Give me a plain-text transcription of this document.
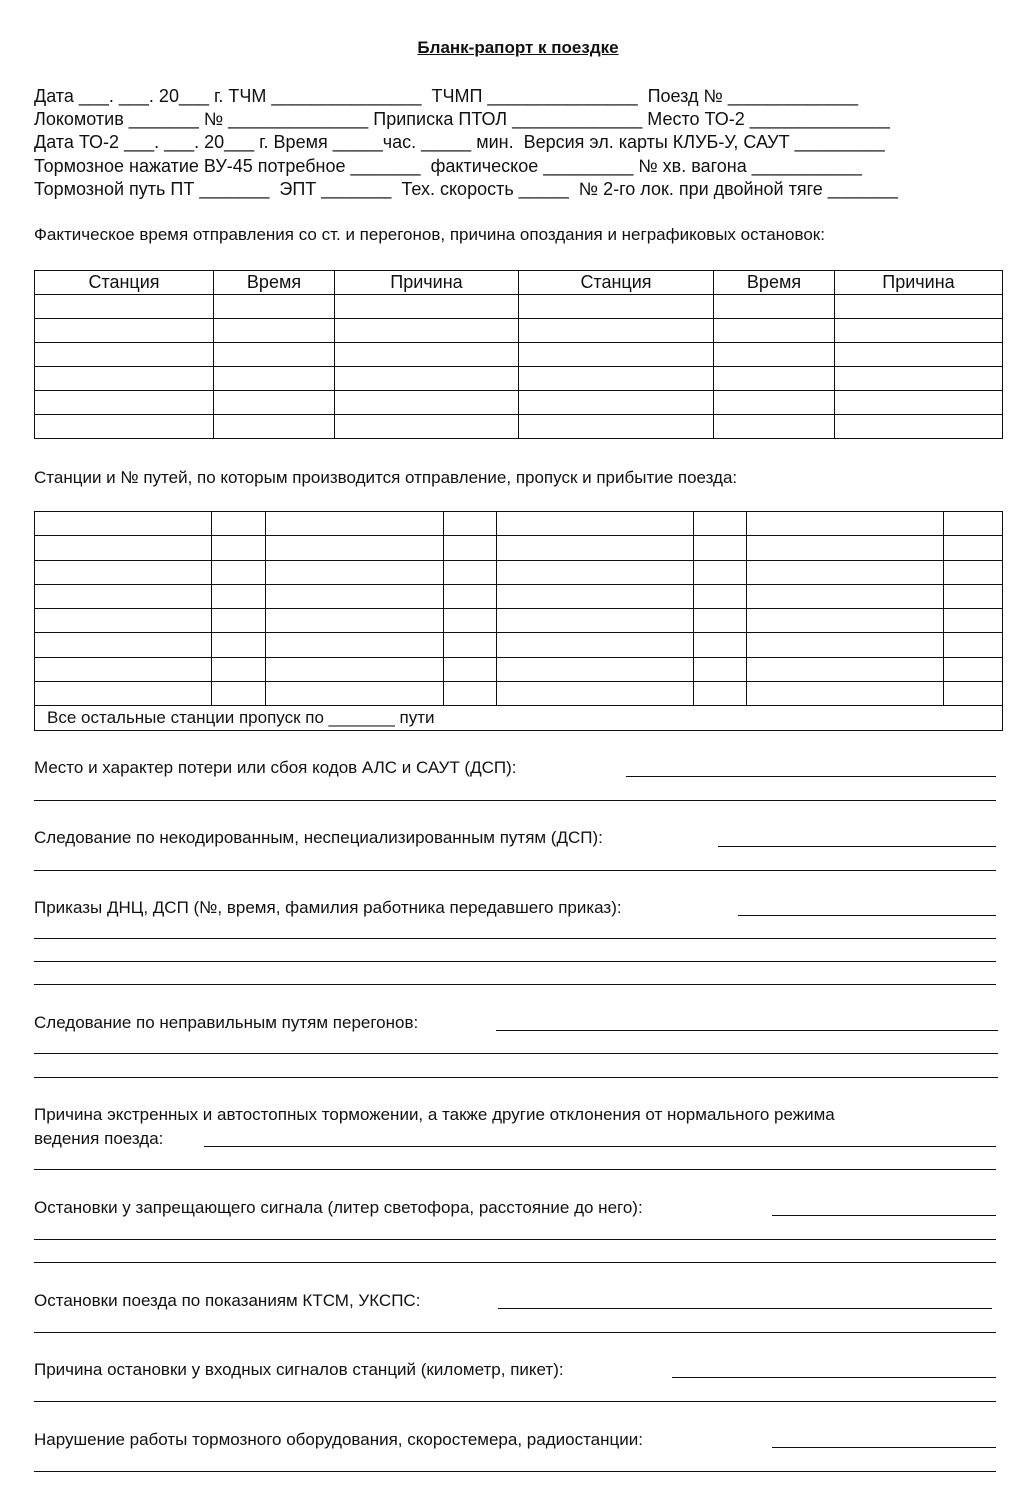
Бланк-рапорт к поездке
Дата ___. ___. 20___ г. ТЧМ _______________  ТЧМП _______________  Поезд № _____________
Локомотив _______ № ______________ Приписка ПТОЛ _____________ Место ТО-2 ______________
Дата ТО-2 ___. ___. 20___ г. Время _____час. _____ мин.  Версия эл. карты КЛУБ-У, САУТ _________
Тормозное нажатие ВУ-45 потребное _______  фактическое _________ № хв. вагона ___________
Тормозной путь ПТ _______  ЭПТ _______  Тех. скорость _____  № 2-го лок. при двойной тяге _______
Фактическое время отправления со ст. и перегонов, причина опоздания и неграфиковых остановок:
Станция	Время	Причина	Станция	Время	Причина

Станции и № путей, по которым производится отправление, пропуск и прибытие поезда:

Все остальные станции пропуск по _______ пути							
Место и характер потери или сбоя кодов АЛС и САУТ (ДСП):
Следование по некодированным, неспециализированным путям (ДСП):
Приказы ДНЦ, ДСП (№, время, фамилия работника передавшего приказ):
Следование по неправильным путям перегонов:
Причина экстренных и автостопных торможении, а также другие отклонения от нормального режима
ведения поезда:
Остановки у запрещающего сигнала (литер светофора, расстояние до него):
Остановки поезда по показаниям КТСМ, УКСПС:
Причина остановки у входных сигналов станций (километр, пикет):
Нарушение работы тормозного оборудования, скоростемера, радиостанции:
